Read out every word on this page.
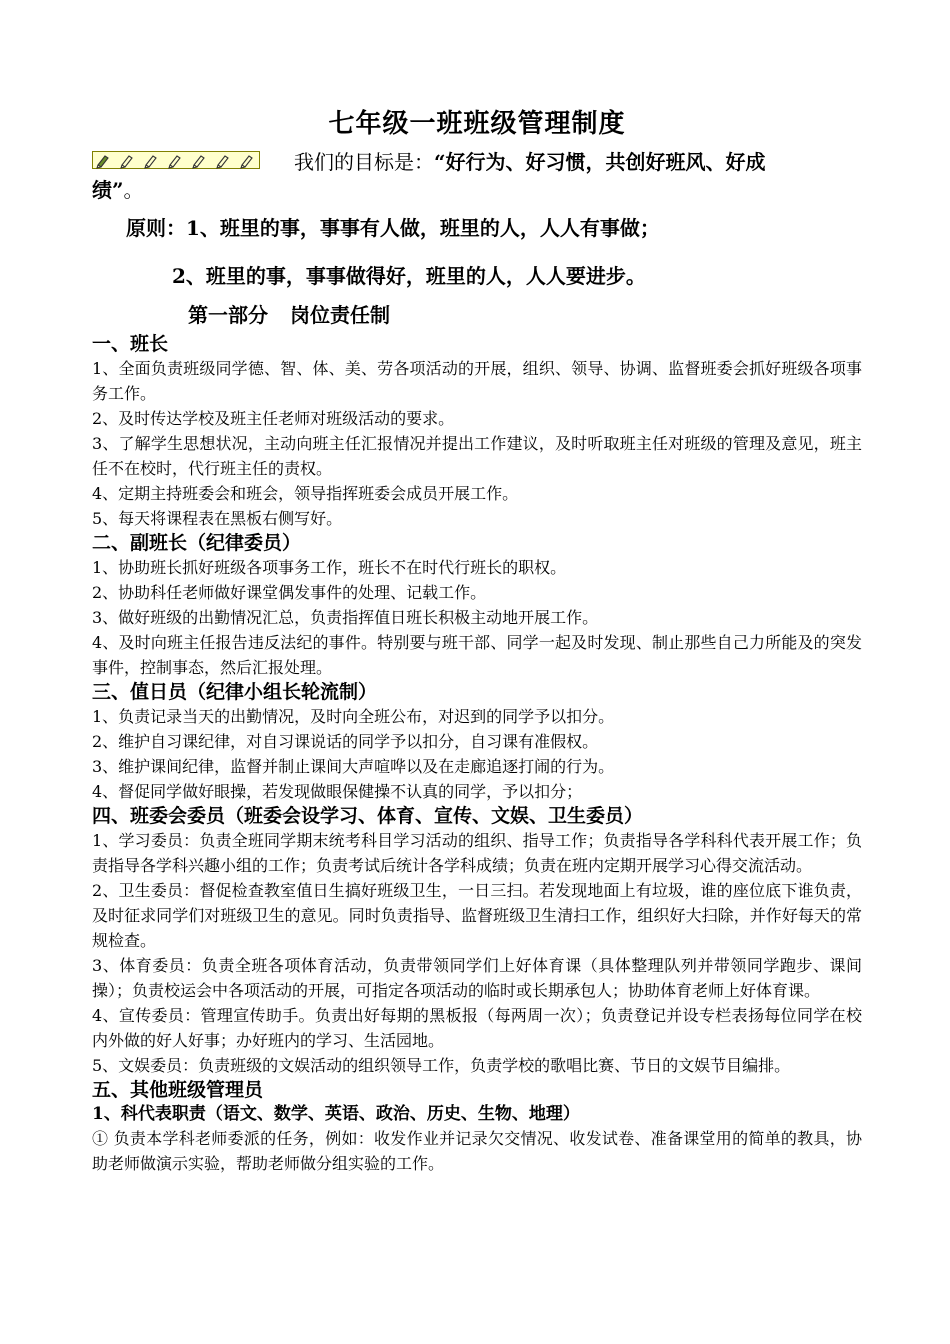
七年级一班班级管理制度

我们的目标是：“好行为、好习惯，共创好班风、好成
绩”。

原则：1、班里的事，事事有人做，班里的人，人人有事做；

2、班里的事，事事做得好，班里的人，人人要进步。

第一部分 岗位责任制

一、班长

1、全面负责班级同学德、智、体、美、劳各项活动的开展，组织、领导、协调、监督班委会抓好班级各项事务工作。

2、及时传达学校及班主任老师对班级活动的要求。

3、了解学生思想状况，主动向班主任汇报情况并提出工作建议，及时听取班主任对班级的管理及意见，班主任不在校时，代行班主任的责权。

4、定期主持班委会和班会，领导指挥班委会成员开展工作。

5、每天将课程表在黑板右侧写好。

二、副班长（纪律委员）

1、协助班长抓好班级各项事务工作，班长不在时代行班长的职权。

2、协助科任老师做好课堂偶发事件的处理、记载工作。

3、做好班级的出勤情况汇总，负责指挥值日班长积极主动地开展工作。

4、及时向班主任报告违反法纪的事件。特别要与班干部、同学一起及时发现、制止那些自己力所能及的突发事件，控制事态，然后汇报处理。

三、值日员（纪律小组长轮流制）

1、负责记录当天的出勤情况，及时向全班公布，对迟到的同学予以扣分。

2、维护自习课纪律，对自习课说话的同学予以扣分，自习课有准假权。

3、维护课间纪律，监督并制止课间大声喧哗以及在走廊追逐打闹的行为。

4、督促同学做好眼操，若发现做眼保健操不认真的同学，予以扣分；

四、班委会委员（班委会设学习、体育、宣传、文娱、卫生委员）

1、学习委员：负责全班同学期末统考科目学习活动的组织、指导工作；负责指导各学科科代表开展工作；负责指导各学科兴趣小组的工作；负责考试后统计各学科成绩；负责在班内定期开展学习心得交流活动。

2、卫生委员：督促检查教室值日生搞好班级卫生，一日三扫。若发现地面上有垃圾，谁的座位底下谁负责，及时征求同学们对班级卫生的意见。同时负责指导、监督班级卫生清扫工作，组织好大扫除，并作好每天的常规检查。

3、体育委员：负责全班各项体育活动，负责带领同学们上好体育课（具体整理队列并带领同学跑步、课间操）；负责校运会中各项活动的开展，可指定各项活动的临时或长期承包人；协助体育老师上好体育课。

4、宣传委员：管理宣传助手。负责出好每期的黑板报（每两周一次）；负责登记并设专栏表扬每位同学在校内外做的好人好事；办好班内的学习、生活园地。

5、文娱委员：负责班级的文娱活动的组织领导工作，负责学校的歌唱比赛、节日的文娱节目编排。

五、其他班级管理员

1、科代表职责（语文、数学、英语、政治、历史、生物、地理）

① 负责本学科老师委派的任务，例如：收发作业并记录欠交情况、收发试卷、准备课堂用的简单的教具，协助老师做演示实验，帮助老师做分组实验的工作。
